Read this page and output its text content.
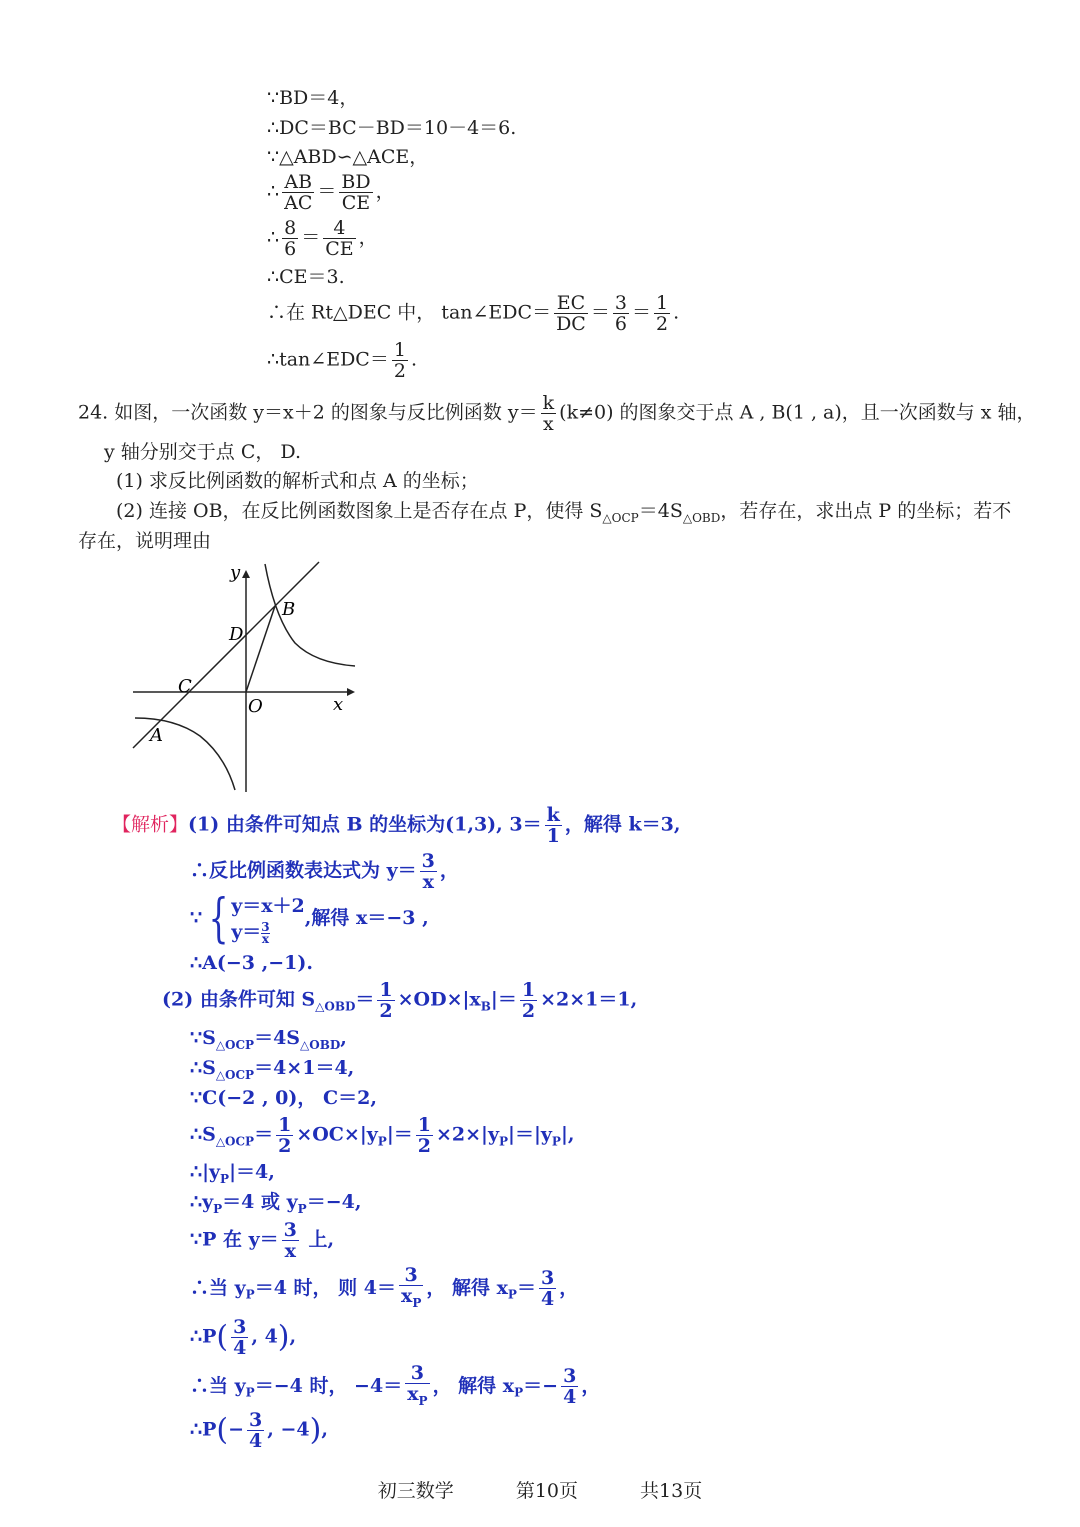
∵BD＝4，
∴DC＝BC－BD＝10－4＝6.
∵△ABD∽△ACE，
∴ $\frac{AB}{AC} = \frac{BD}{CE}$ ，
∴ $\frac{8}{6} = \frac{4}{CE}$ ，
∴CE＝3.
∴在 Rt△DEC 中， tan∠EDC＝ $\frac{EC}{DC} = \frac{3}{6} = \frac{1}{2}$ .
∴tan∠EDC＝ $\frac{1}{2}$ .
24. 如图，一次函数 y＝x＋2 的图象与反比例函数 $y= \frac{k}{x} (k\ne 0)$ 的图象交于点 A , B(1 , a)，且一次函数与 x 轴，
y 轴分别交于点 C， D.
(1) 求反比例函数的解析式和点 A 的坐标；
(2) 连接 OB，在反比例函数图象上是否存在点 P，使得 $S_{\triangle OCP}=4S_{\triangle OBD}$，若存在，求出点 P 的坐标；若不
存在，说明理由
y
x
B
D
C
O
A
【解析】(1) 由条件可知点 B 的坐标为(1,3), $3= \frac{k}{1}$ ，解得 k＝3,
∴反比例函数表达式为 $y= \frac{3}{x}$ ，
∵ { y＝x＋2
$y= \frac{3}{x}$
,解得 x＝−3 ,
∴A(−3 ,−1).
(2) 由条件可知 $S_{\triangle OBD}= \frac{1}{2} \times OD\times|x_B|= \frac{1}{2} \times 2\times 1=1$,
$\because S_{\triangle OCP}=4S_{\triangle OBD}$,
$\therefore S_{\triangle OCP}=4\times 1=4$,
∵C(−2 , 0)， C＝2,
$\therefore S_{\triangle OCP}= \frac{1}{2} \times OC\times|y_P|= \frac{1}{2} \times 2\times|y_P|=|y_P|$,
$\therefore|y_P|=4$,
$\therefore y_P=4$ 或 $y_P=-4$,
∵P 在 $y= \frac{3}{x}$ 上,
∴当 $y_P=4$ 时， 则 $4= \frac{3}{x_P}$ ， 解得 $x_P= \frac{3}{4}$ ，
∴P( $\frac{3}{4}$ , 4),
∴当 $y_P=-4$ 时， $-4= \frac{3}{x_P}$ ， 解得 $x_P=- \frac{3}{4}$ ，
∴P(− $\frac{3}{4}$ , −4),
初三数学	第10页	共13页
